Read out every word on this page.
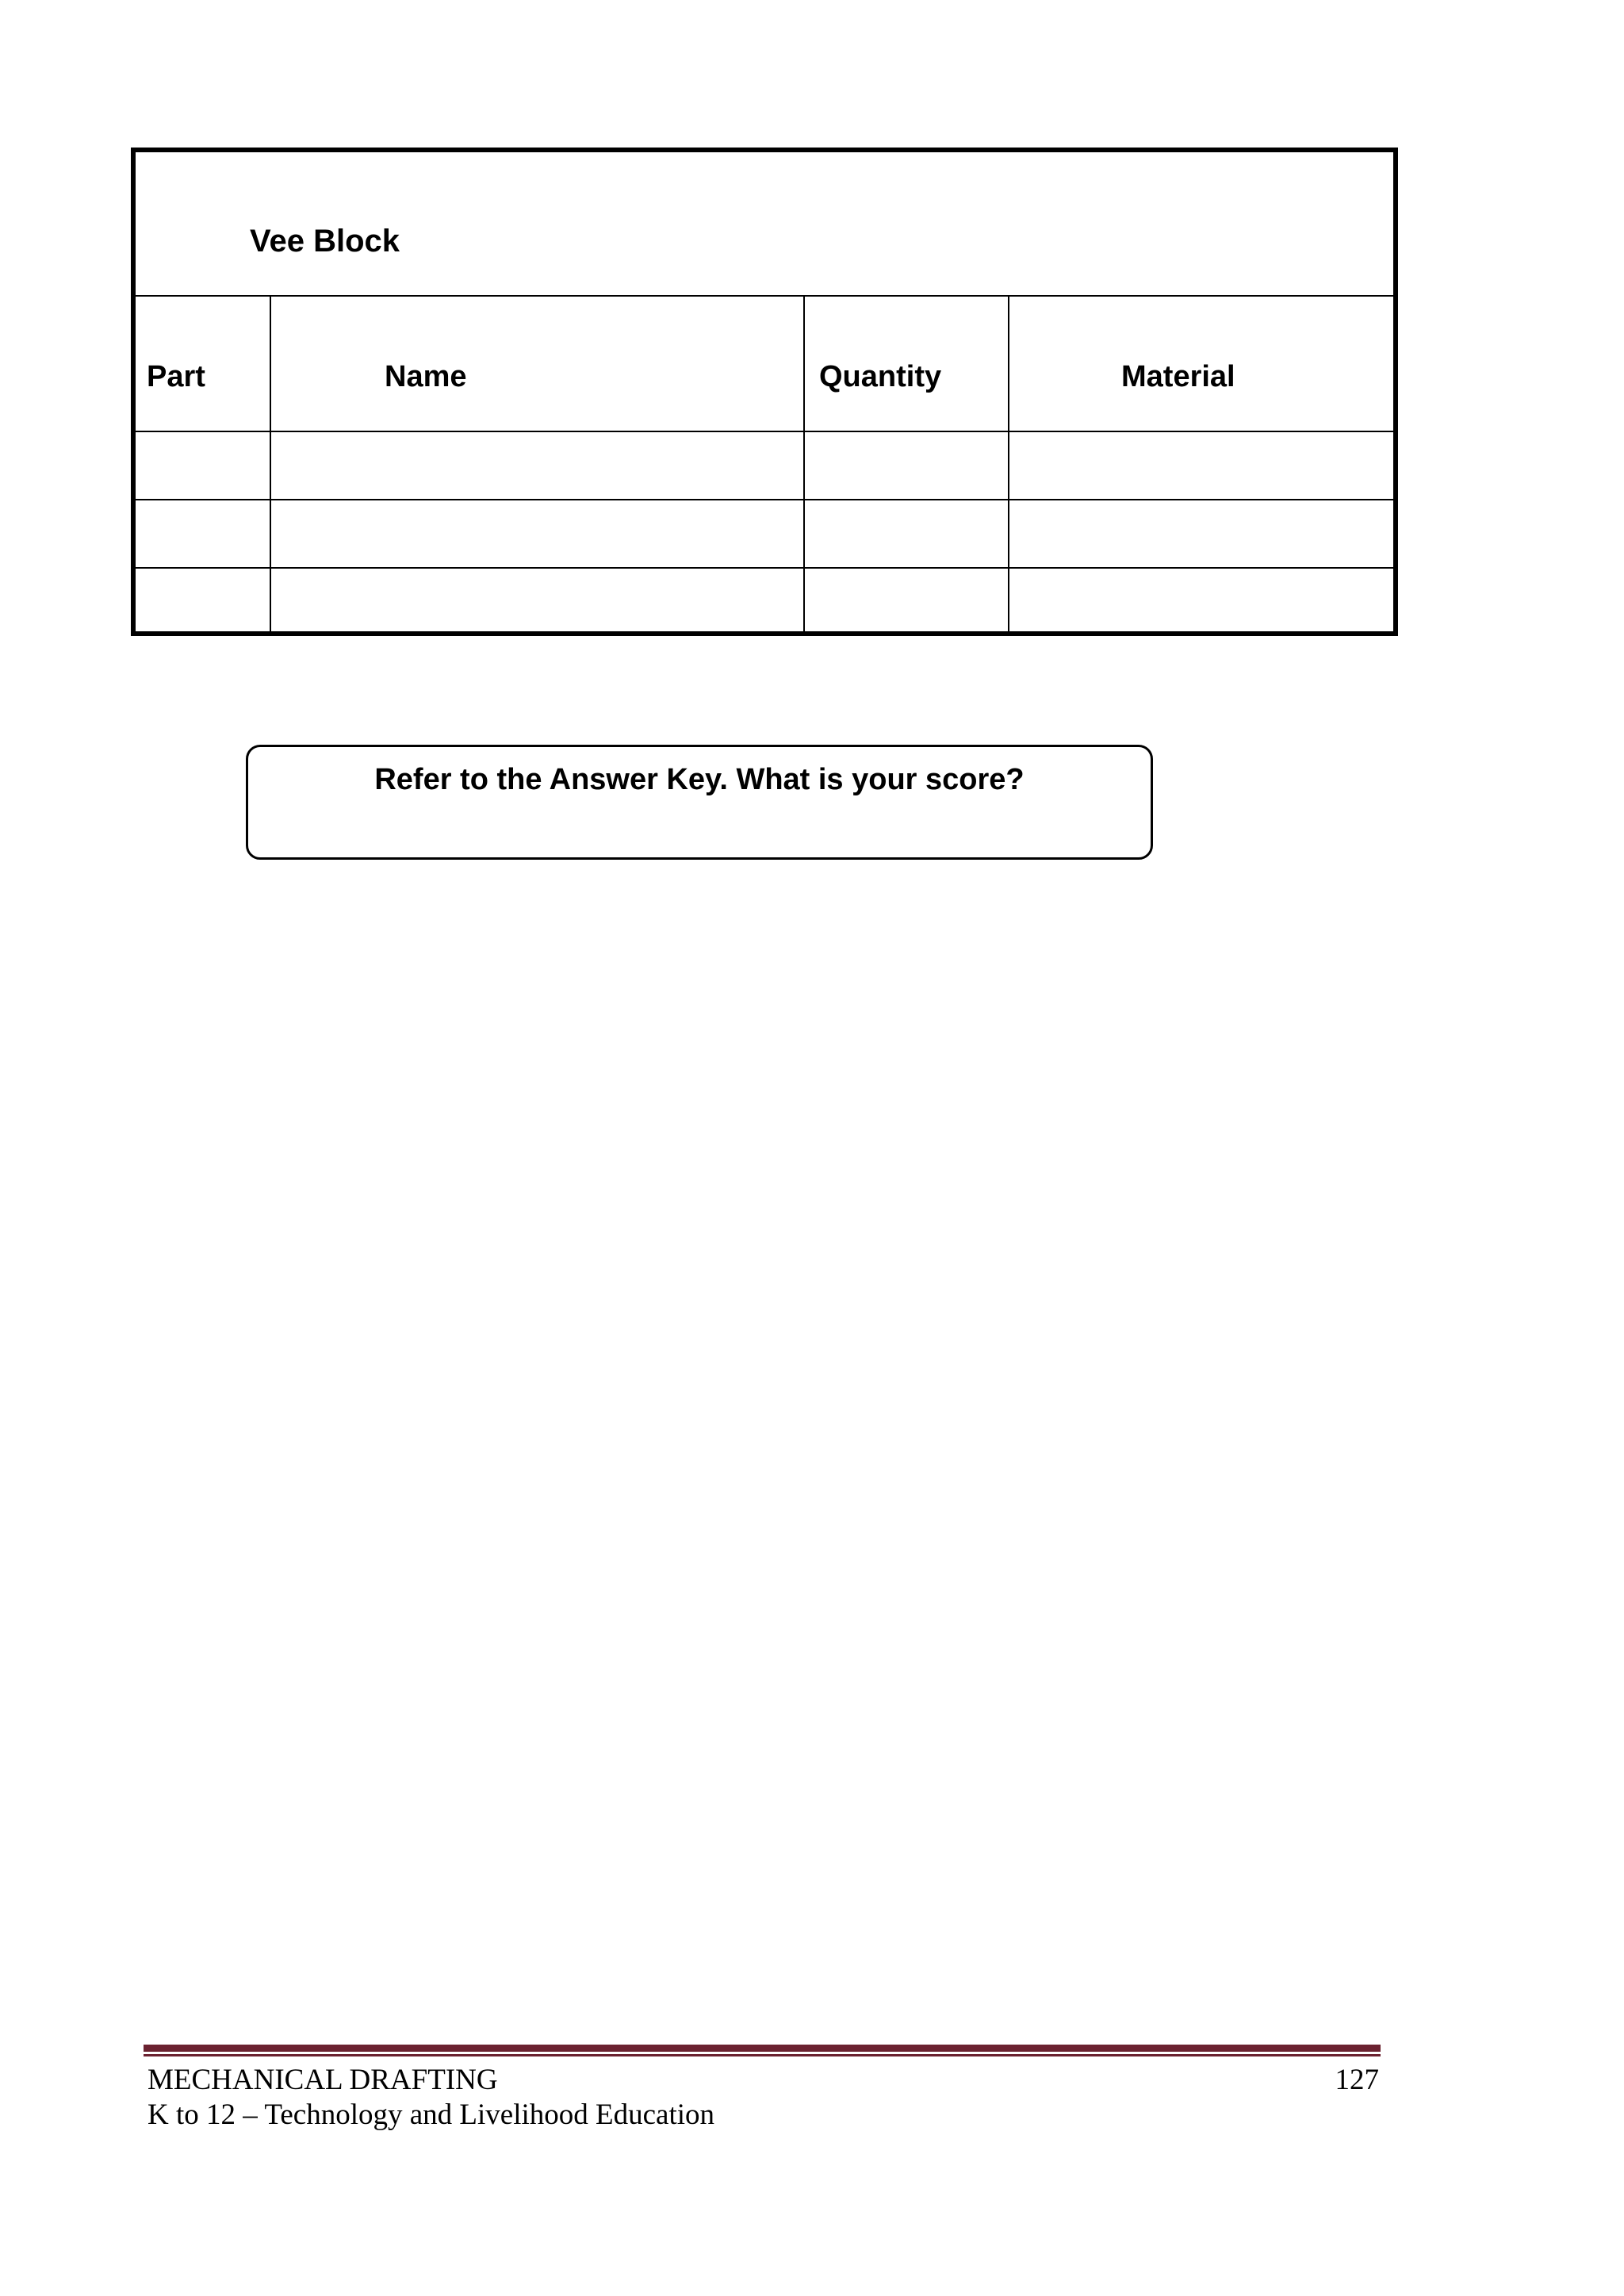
Vee Block
Part	Name	Quantity	Material
Refer to the Answer Key. What is your score?
MECHANICAL DRAFTING
K to 12 – Technology and Livelihood Education
127
